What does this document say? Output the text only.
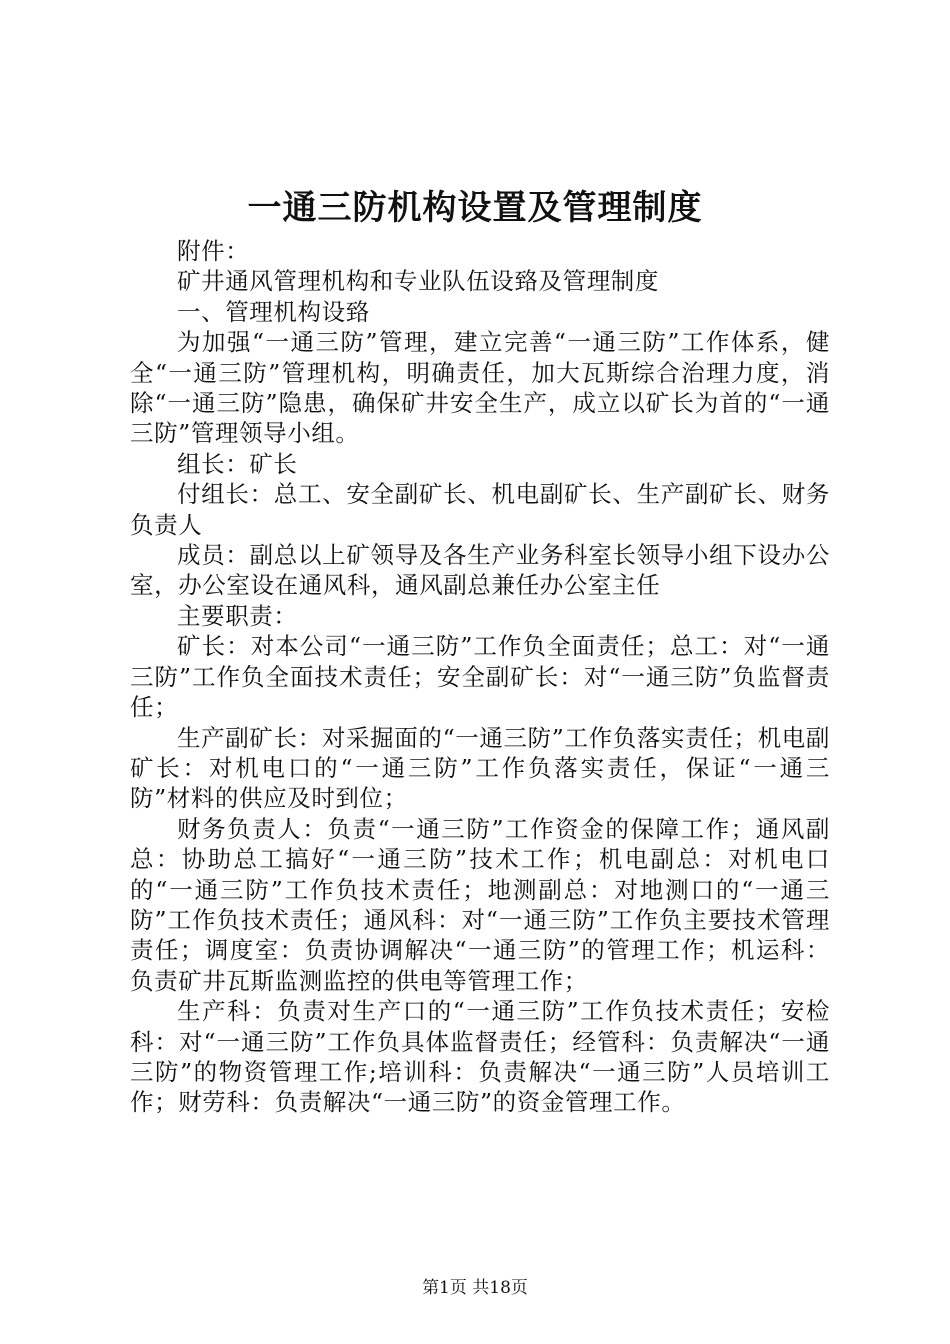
一通三防机构设置及管理制度

附件：

矿井通风管理机构和专业队伍设臵及管理制度

一、管理机构设臵

为加强“一通三防”管理，建立完善“一通三防”工作体系，健全“一通三防”管理机构，明确责任，加大瓦斯综合治理力度，消除“一通三防”隐患，确保矿井安全生产，成立以矿长为首的“一通三防”管理领导小组。

组长：矿长

付组长：总工、安全副矿长、机电副矿长、生产副矿长、财务负责人

成员：副总以上矿领导及各生产业务科室长领导小组下设办公室，办公室设在通风科，通风副总兼任办公室主任

主要职责：

矿长：对本公司“一通三防”工作负全面责任；总工：对“一通三防”工作负全面技术责任；安全副矿长：对“一通三防”负监督责任；

生产副矿长：对采掘面的“一通三防”工作负落实责任；机电副矿长：对机电口的“一通三防”工作负落实责任，保证“一通三防”材料的供应及时到位；

财务负责人：负责“一通三防”工作资金的保障工作；通风副总：协助总工搞好“一通三防”技术工作；机电副总：对机电口的“一通三防”工作负技术责任；地测副总：对地测口的“一通三防”工作负技术责任；通风科：对“一通三防”工作负主要技术管理责任；调度室：负责协调解决“一通三防”的管理工作；机运科：负责矿井瓦斯监测监控的供电等管理工作；

生产科：负责对生产口的“一通三防”工作负技术责任；安检科：对“一通三防”工作负具体监督责任；经管科：负责解决“一通三防”的物资管理工作;培训科：负责解决“一通三防”人员培训工作；财劳科：负责解决“一通三防”的资金管理工作。

第1页 共18页
